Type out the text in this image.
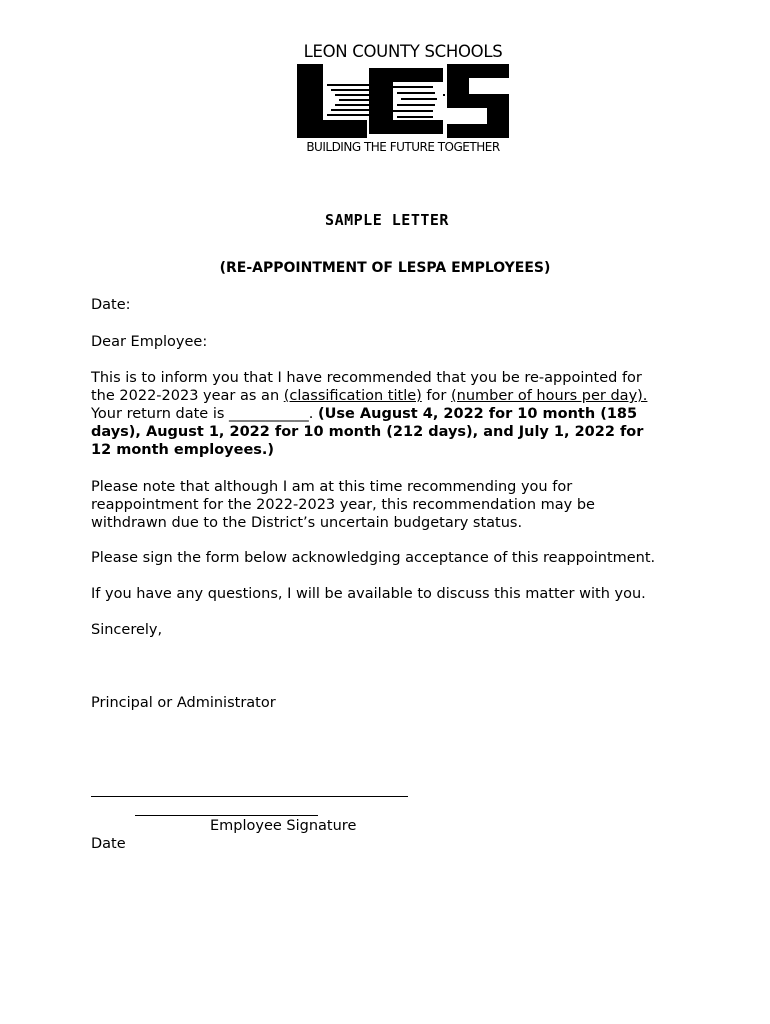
LEON COUNTY SCHOOLS
BUILDING THE FUTURE TOGETHER
SAMPLE LETTER
(RE-APPOINTMENT OF LESPA EMPLOYEES)
Date:
Dear Employee:
This is to inform you that I have recommended that you be re-appointed for
the 2022-2023 year as an (classification title) for (number of hours per day).
Your return date is ___________. (Use August 4, 2022 for 10 month (185
days), August 1, 2022 for 10 month (212 days), and July 1, 2022 for
12 month employees.)
Please note that although I am at this time recommending you for
reappointment for the 2022-2023 year, this recommendation may be
withdrawn due to the District’s uncertain budgetary status.
Please sign the form below acknowledging acceptance of this reappointment.
If you have any questions, I will be available to discuss this matter with you.
Sincerely,
Principal or Administrator
Employee Signature
Date
